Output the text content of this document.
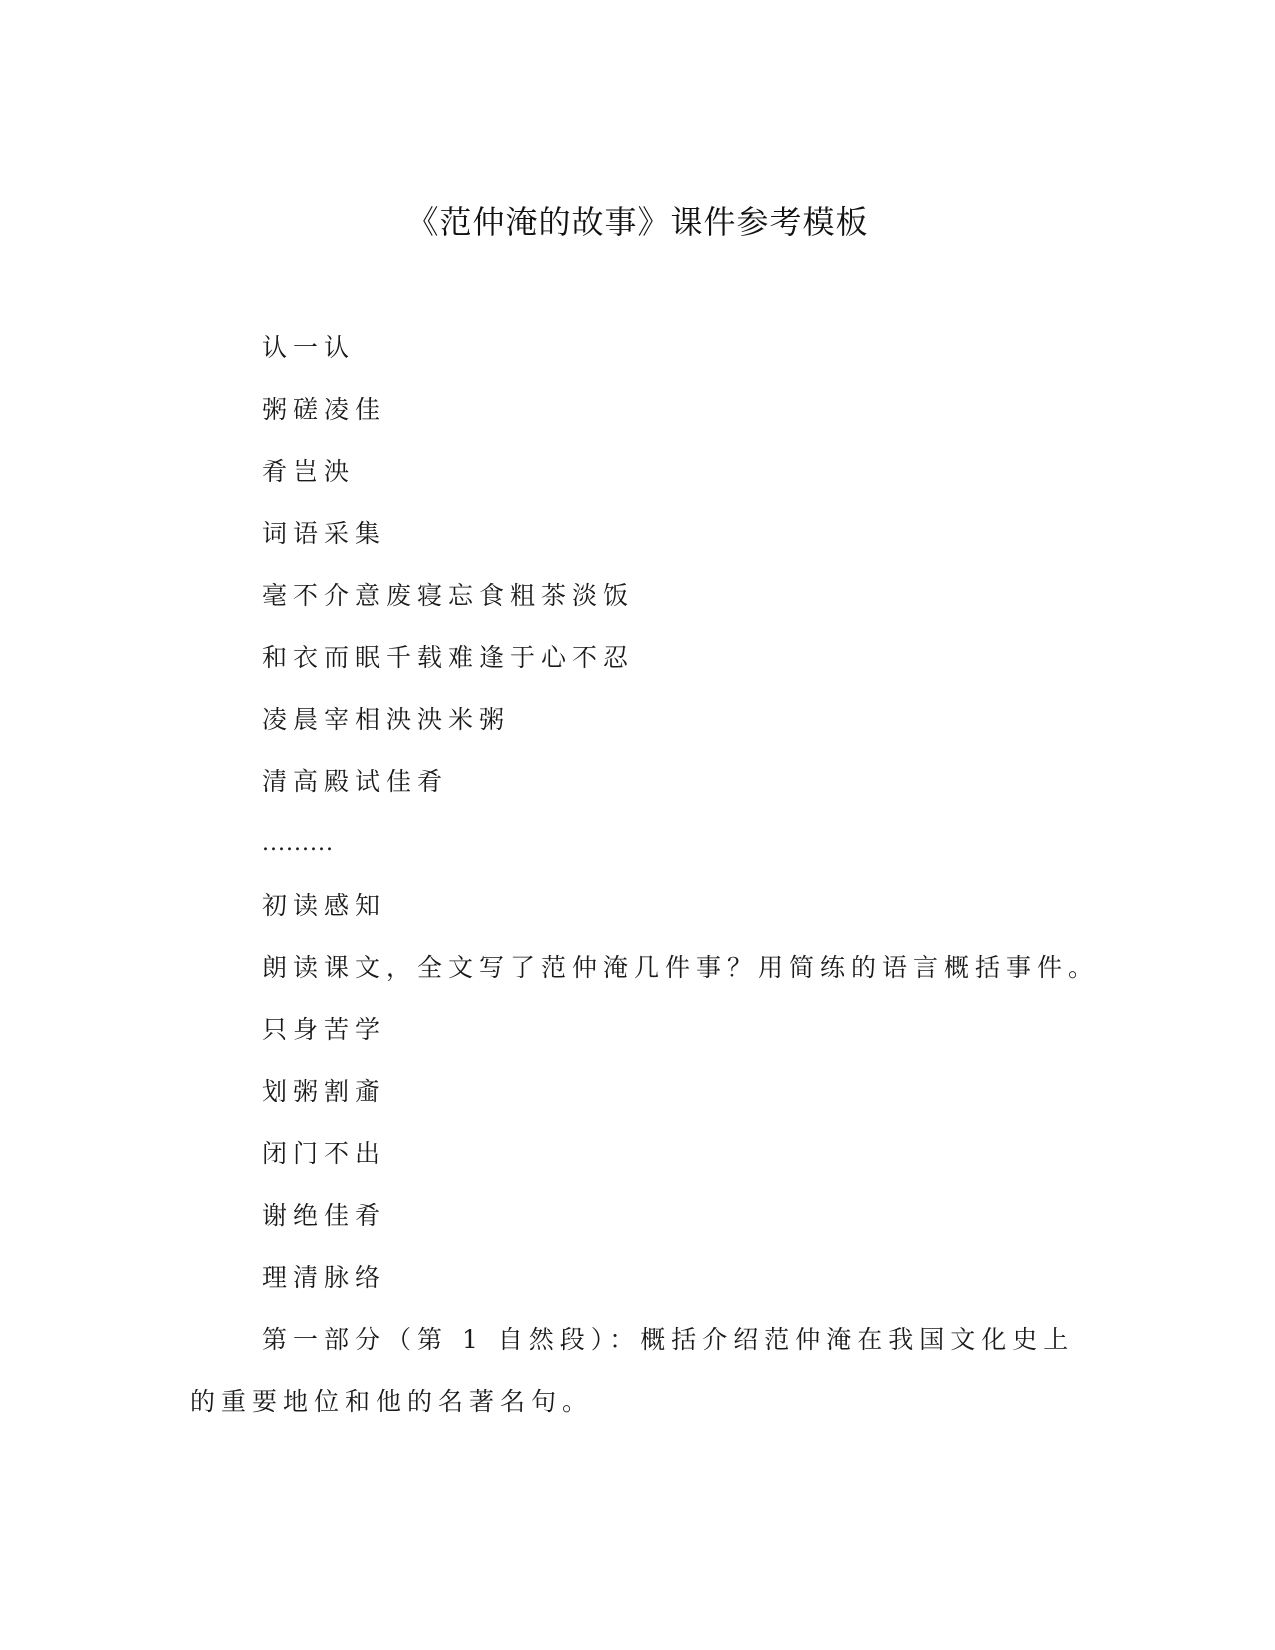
《范仲淹的故事》课件参考模板
认一认
粥磋凌佳
肴岂泱
词语采集
毫不介意废寝忘食粗茶淡饭
和衣而眠千载难逢于心不忍
凌晨宰相泱泱米粥
清高殿试佳肴
.........
初读感知
朗读课文，全文写了范仲淹几件事？用简练的语言概括事件。
只身苦学
划粥割齑
闭门不出
谢绝佳肴
理清脉络
第一部分（第 1 自然段）：概括介绍范仲淹在我国文化史上的重要地位和他的名著名句。
